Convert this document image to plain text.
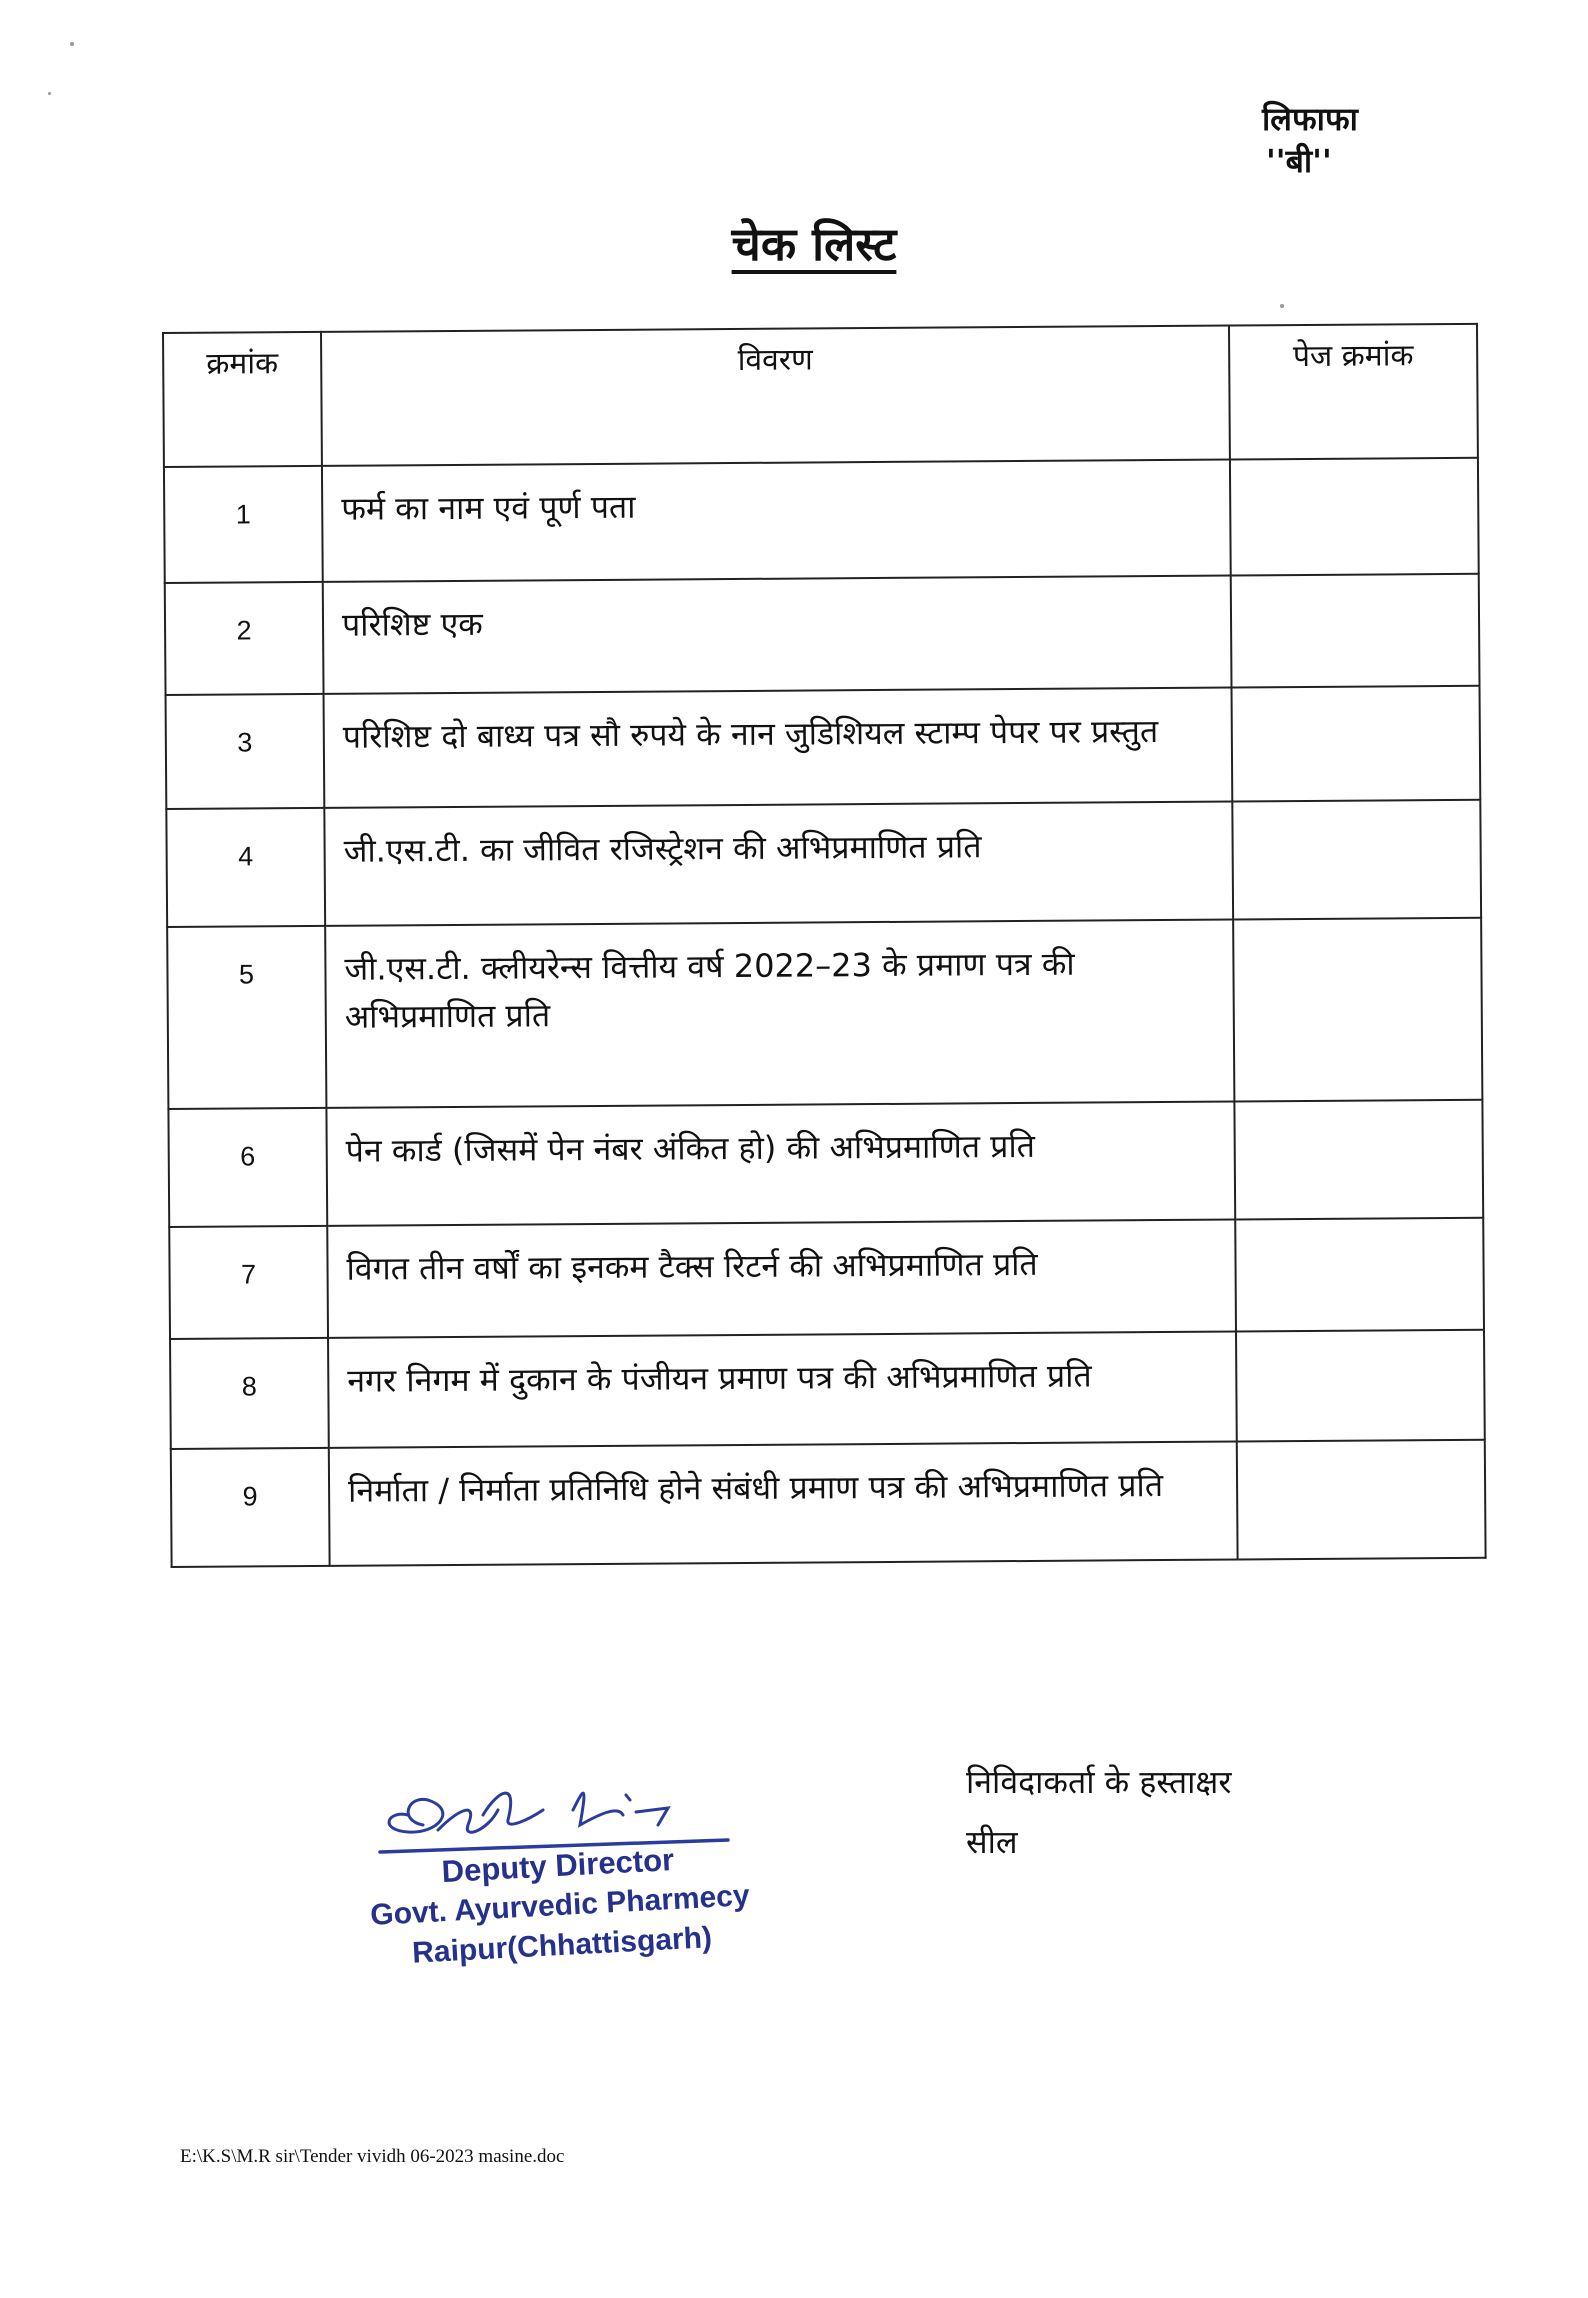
लिफाफा
''बी''
चेक लिस्ट
क्रमांक	विवरण	पेज क्रमांक
1	फर्म का नाम एवं पूर्ण पता	
2	परिशिष्ट एक	
3	परिशिष्ट दो बाध्य पत्र सौ रुपये के नान जुडिशियल स्टाम्प पेपर पर प्रस्तुत	
4	जी.एस.टी. का जीवित रजिस्ट्रेशन की अभिप्रमाणित प्रति	
5	जी.एस.टी. क्लीयरेन्स वित्तीय वर्ष 2022–23 के प्रमाण पत्र की अभिप्रमाणित प्रति	
6	पेन कार्ड (जिसमें पेन नंबर अंकित हो) की अभिप्रमाणित प्रति	
7	विगत तीन वर्षों का इनकम टैक्स रिटर्न की अभिप्रमाणित प्रति	
8	नगर निगम में दुकान के पंजीयन प्रमाण पत्र की अभिप्रमाणित प्रति	
9	निर्माता / निर्माता प्रतिनिधि होने संबंधी प्रमाण पत्र की अभिप्रमाणित प्रति	
निविदाकर्ता के हस्ताक्षर
सील
Deputy Director
Govt. Ayurvedic Pharmecy
Raipur(Chhattisgarh)
E:\K.S\M.R sir\Tender vividh 06-2023 masine.doc
